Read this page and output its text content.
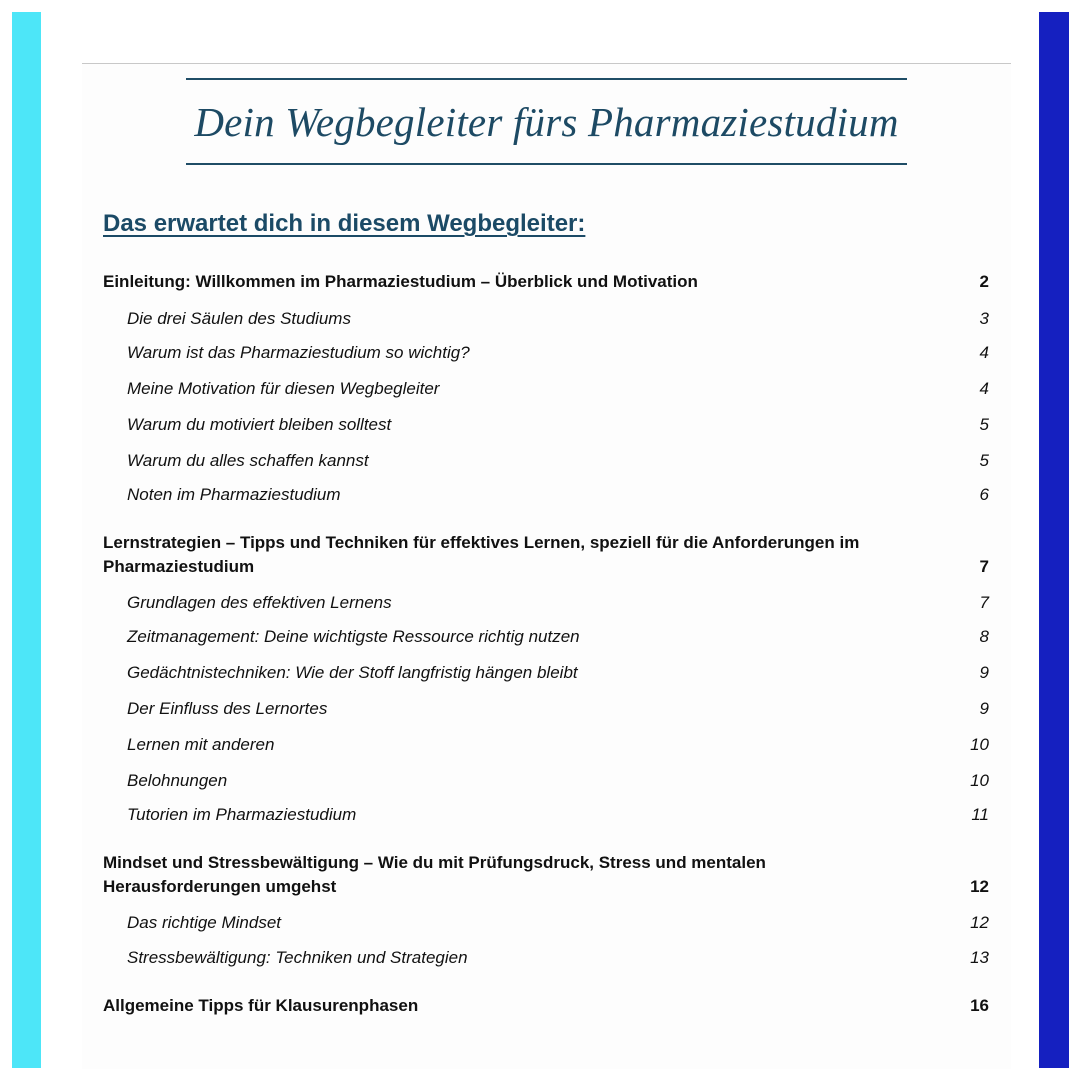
Dein Wegbegleiter fürs Pharmaziestudium
Das erwartet dich in diesem Wegbegleiter:
Einleitung: Willkommen im Pharmaziestudium – Überblick und Motivation	2
Die drei Säulen des Studiums	3
Warum ist das Pharmaziestudium so wichtig?	4
Meine Motivation für diesen Wegbegleiter	4
Warum du motiviert bleiben solltest	5
Warum du alles schaffen kannst	5
Noten im Pharmaziestudium	6
Lernstrategien – Tipps und Techniken für effektives Lernen, speziell für die Anforderungen im
Pharmaziestudium	7
Grundlagen des effektiven Lernens	7
Zeitmanagement: Deine wichtigste Ressource richtig nutzen	8
Gedächtnistechniken: Wie der Stoff langfristig hängen bleibt	9
Der Einfluss des Lernortes	9
Lernen mit anderen	10
Belohnungen	10
Tutorien im Pharmaziestudium	11
Mindset und Stressbewältigung – Wie du mit Prüfungsdruck, Stress und mentalen
Herausforderungen umgehst	12
Das richtige Mindset	12
Stressbewältigung: Techniken und Strategien	13
Allgemeine Tipps für Klausurenphasen	16
